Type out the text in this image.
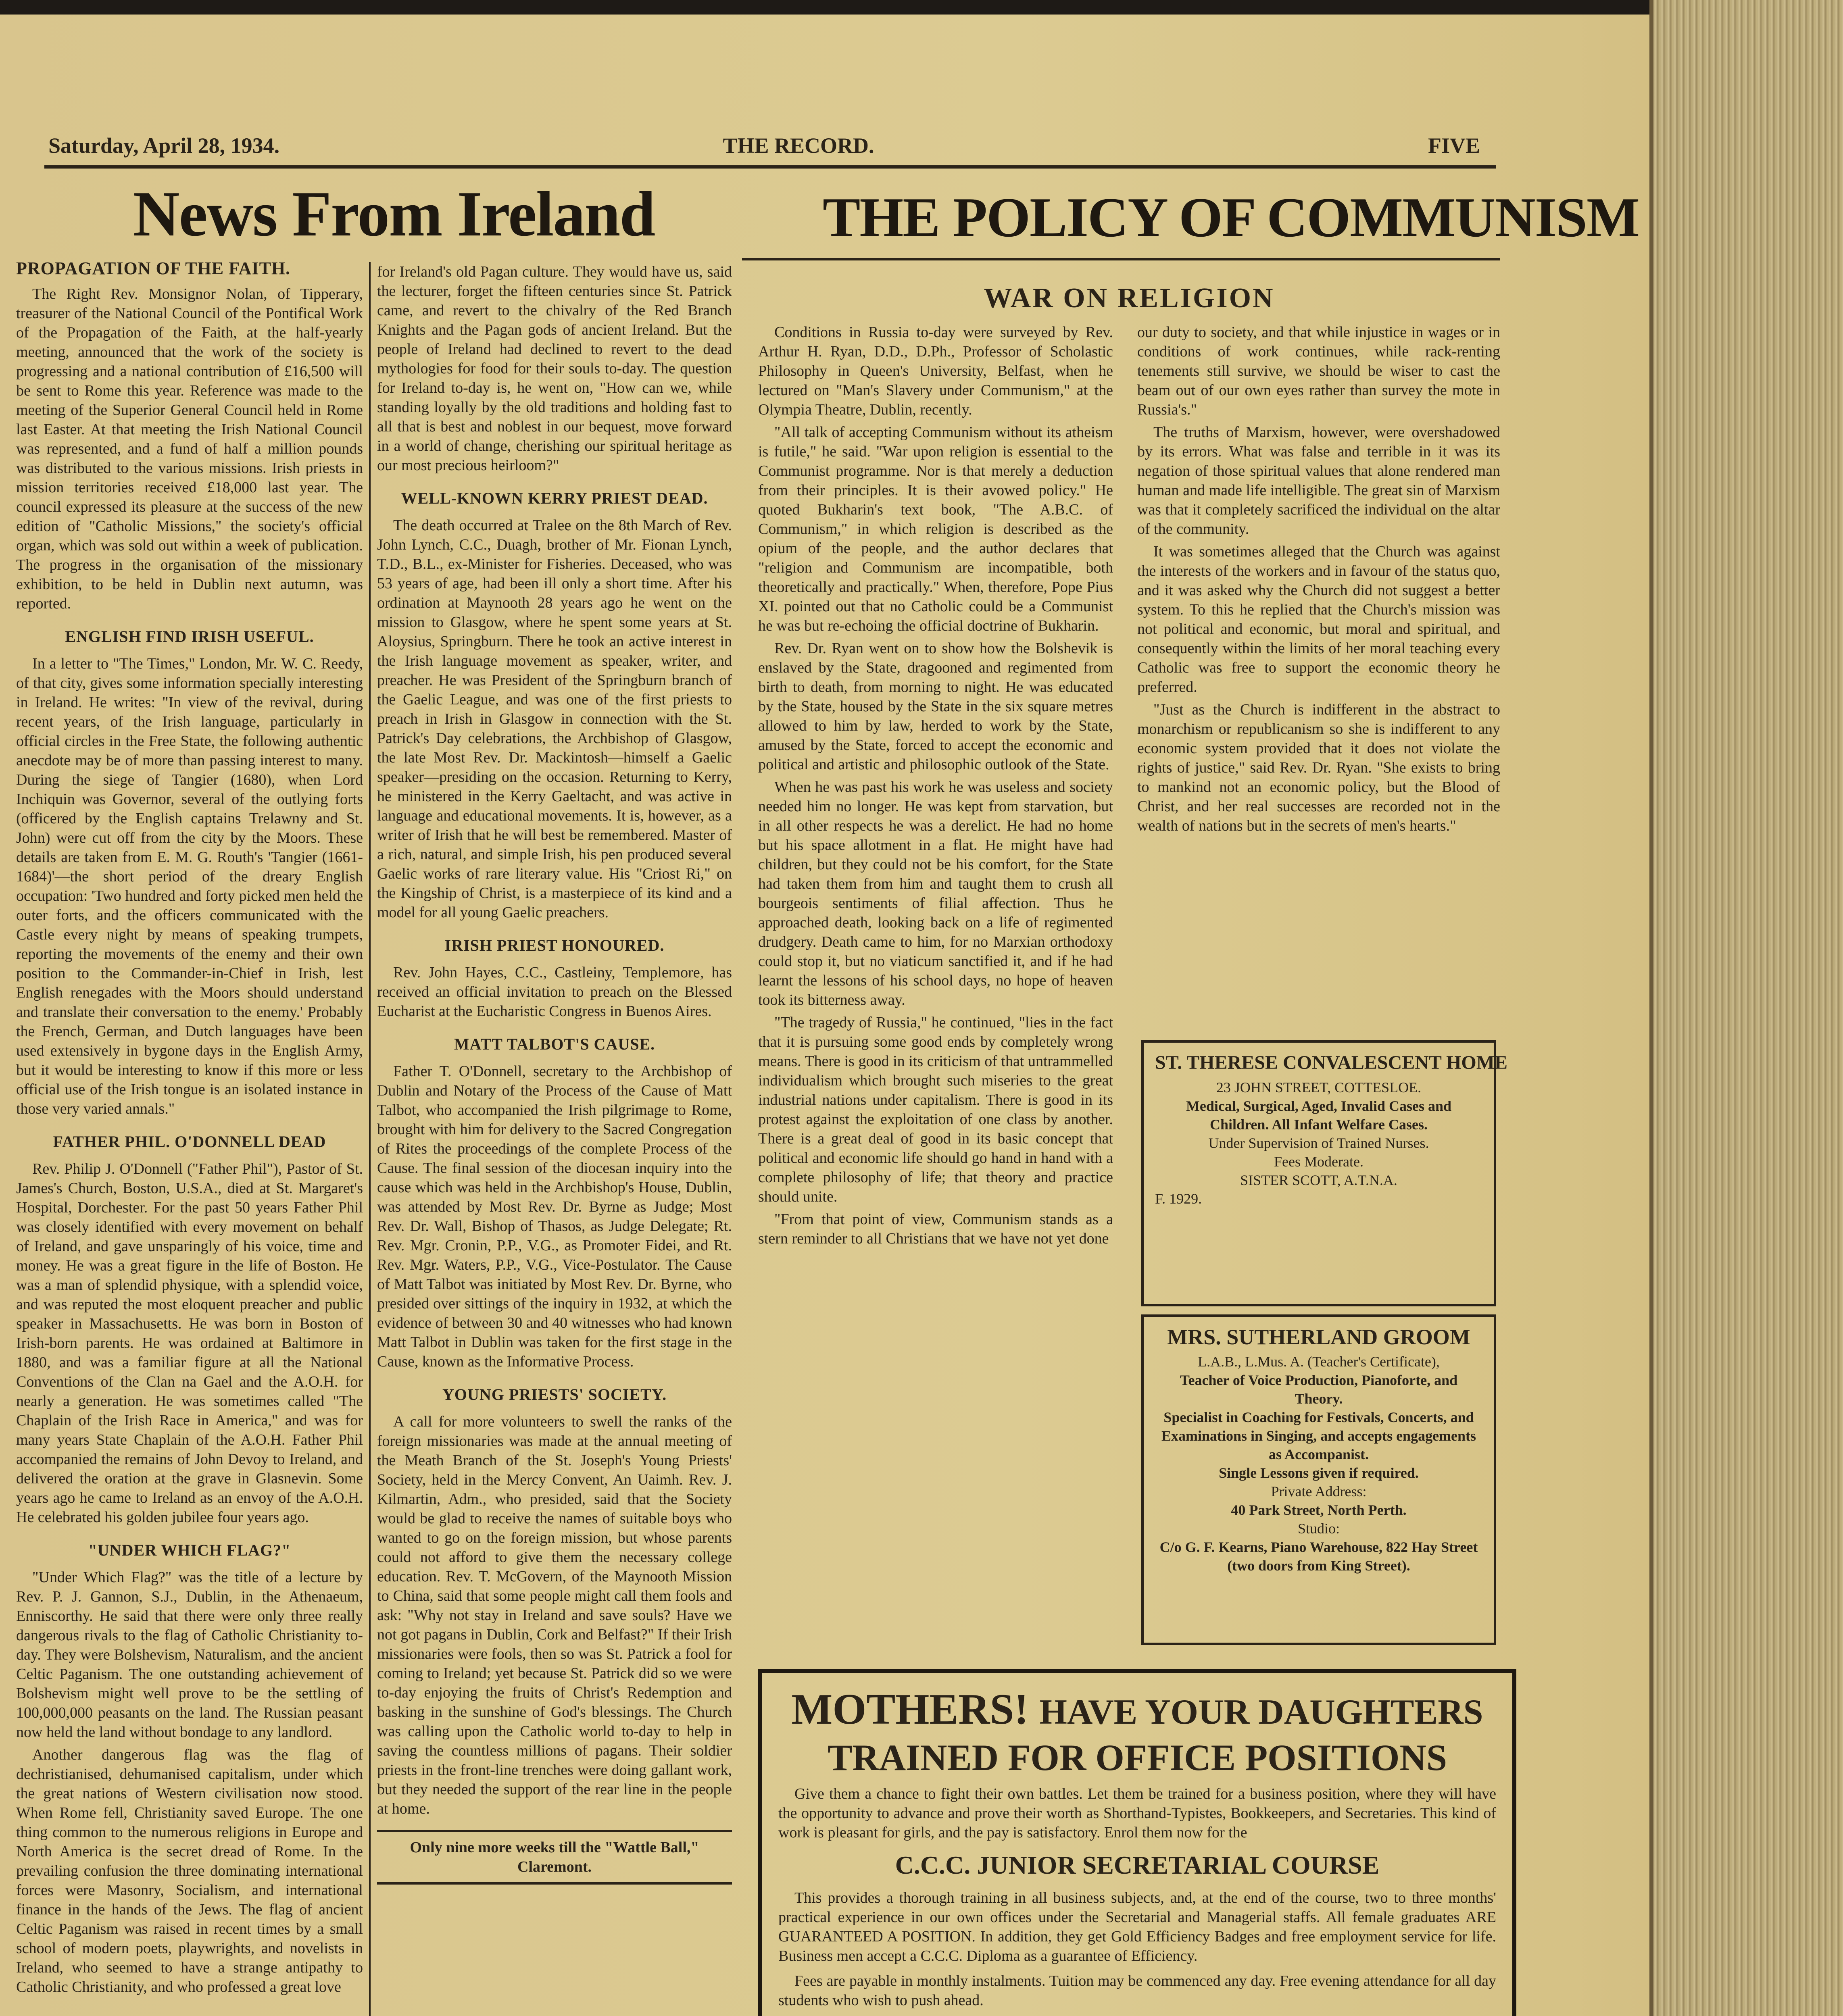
Saturday, April 28, 1934.	THE RECORD.	FIVE
News From Ireland	THE POLICY OF COMMUNISM
PROPAGATION OF THE FAITH.

The Right Rev. Monsignor Nolan, of Tipperary, treasurer of the National Council of the Pontifical Work of the Propagation of the Faith, at the half-yearly meeting, announced that the work of the society is progressing and a national contribution of £16,500 will be sent to Rome this year. Reference was made to the meeting of the Superior General Council held in Rome last Easter. At that meeting the Irish National Council was represented, and a fund of half a million pounds was distributed to the various missions. Irish priests in mission territories received £18,000 last year. The council expressed its pleasure at the success of the new edition of "Catholic Missions," the society's official organ, which was sold out within a week of publication. The progress in the organisation of the missionary exhibition, to be held in Dublin next autumn, was reported.

ENGLISH FIND IRISH USEFUL.

In a letter to "The Times," London, Mr. W. C. Reedy, of that city, gives some information specially interesting in Ireland. He writes: "In view of the revival, during recent years, of the Irish language, particularly in official circles in the Free State, the following authentic anecdote may be of more than passing interest to many. During the siege of Tangier (1680), when Lord Inchiquin was Governor, several of the outlying forts (officered by the English captains Trelawny and St. John) were cut off from the city by the Moors. These details are taken from E. M. G. Routh's 'Tangier (1661-1684)'—the short period of the dreary English occupation: 'Two hundred and forty picked men held the outer forts, and the officers communicated with the Castle every night by means of speaking trumpets, reporting the movements of the enemy and their own position to the Commander-in-Chief in Irish, lest English renegades with the Moors should understand and translate their conversation to the enemy.' Probably the French, German, and Dutch languages have been used extensively in bygone days in the English Army, but it would be interesting to know if this more or less official use of the Irish tongue is an isolated instance in those very varied annals."

FATHER PHIL. O'DONNELL DEAD

Rev. Philip J. O'Donnell ("Father Phil"), Pastor of St. James's Church, Boston, U.S.A., died at St. Margaret's Hospital, Dorchester. For the past 50 years Father Phil was closely identified with every movement on behalf of Ireland, and gave unsparingly of his voice, time and money. He was a great figure in the life of Boston. He was a man of splendid physique, with a splendid voice, and was reputed the most eloquent preacher and public speaker in Massachusetts. He was born in Boston of Irish-born parents. He was ordained at Baltimore in 1880, and was a familiar figure at all the National Conventions of the Clan na Gael and the A.O.H. for nearly a generation. He was sometimes called "The Chaplain of the Irish Race in America," and was for many years State Chaplain of the A.O.H. Father Phil accompanied the remains of John Devoy to Ireland, and delivered the oration at the grave in Glasnevin. Some years ago he came to Ireland as an envoy of the A.O.H. He celebrated his golden jubilee four years ago.

"UNDER WHICH FLAG?"

"Under Which Flag?" was the title of a lecture by Rev. P. J. Gannon, S.J., Dublin, in the Athenaeum, Enniscorthy. He said that there were only three really dangerous rivals to the flag of Catholic Christianity to-day. They were Bolshevism, Naturalism, and the ancient Celtic Paganism. The one outstanding achievement of Bolshevism might well prove to be the settling of 100,000,000 peasants on the land. The Russian peasant now held the land without bondage to any landlord.

Another dangerous flag was the flag of dechristianised, dehumanised capitalism, under which the great nations of Western civilisation now stood. When Rome fell, Christianity saved Europe. The one thing common to the numerous religions in Europe and North America is the secret dread of Rome. In the prevailing confusion the three dominating international forces were Masonry, Socialism, and international finance in the hands of the Jews. The flag of ancient Celtic Paganism was raised in recent times by a small school of modern poets, playwrights, and novelists in Ireland, who seemed to have a strange antipathy to Catholic Christianity, and who professed a great love

for Ireland's old Pagan culture. They would have us, said the lecturer, forget the fifteen centuries since St. Patrick came, and revert to the chivalry of the Red Branch Knights and the Pagan gods of ancient Ireland. But the people of Ireland had declined to revert to the dead mythologies for food for their souls to-day. The question for Ireland to-day is, he went on, "How can we, while standing loyally by the old traditions and holding fast to all that is best and noblest in our bequest, move forward in a world of change, cherishing our spiritual heritage as our most precious heirloom?"

WELL-KNOWN KERRY PRIEST DEAD.

The death occurred at Tralee on the 8th March of Rev. John Lynch, C.C., Duagh, brother of Mr. Fionan Lynch, T.D., B.L., ex-Minister for Fisheries. Deceased, who was 53 years of age, had been ill only a short time. After his ordination at Maynooth 28 years ago he went on the mission to Glasgow, where he spent some years at St. Aloysius, Springburn. There he took an active interest in the Irish language movement as speaker, writer, and preacher. He was President of the Springburn branch of the Gaelic League, and was one of the first priests to preach in Irish in Glasgow in connection with the St. Patrick's Day celebrations, the Archbishop of Glasgow, the late Most Rev. Dr. Mackintosh—himself a Gaelic speaker—presiding on the occasion. Returning to Kerry, he ministered in the Kerry Gaeltacht, and was active in language and educational movements. It is, however, as a writer of Irish that he will best be remembered. Master of a rich, natural, and simple Irish, his pen produced several Gaelic works of rare literary value. His "Criost Ri," on the Kingship of Christ, is a masterpiece of its kind and a model for all young Gaelic preachers.

IRISH PRIEST HONOURED.

Rev. John Hayes, C.C., Castleiny, Templemore, has received an official invitation to preach on the Blessed Eucharist at the Eucharistic Congress in Buenos Aires.

MATT TALBOT'S CAUSE.

Father T. O'Donnell, secretary to the Archbishop of Dublin and Notary of the Process of the Cause of Matt Talbot, who accompanied the Irish pilgrimage to Rome, brought with him for delivery to the Sacred Congregation of Rites the proceedings of the complete Process of the Cause. The final session of the diocesan inquiry into the cause which was held in the Archbishop's House, Dublin, was attended by Most Rev. Dr. Byrne as Judge; Most Rev. Dr. Wall, Bishop of Thasos, as Judge Delegate; Rt. Rev. Mgr. Cronin, P.P., V.G., as Promoter Fidei, and Rt. Rev. Mgr. Waters, P.P., V.G., Vice-Postulator. The Cause of Matt Talbot was initiated by Most Rev. Dr. Byrne, who presided over sittings of the inquiry in 1932, at which the evidence of between 30 and 40 witnesses who had known Matt Talbot in Dublin was taken for the first stage in the Cause, known as the Informative Process.

YOUNG PRIESTS' SOCIETY.

A call for more volunteers to swell the ranks of the foreign missionaries was made at the annual meeting of the Meath Branch of the St. Joseph's Young Priests' Society, held in the Mercy Convent, An Uaimh. Rev. J. Kilmartin, Adm., who presided, said that the Society would be glad to receive the names of suitable boys who wanted to go on the foreign mission, but whose parents could not afford to give them the necessary college education. Rev. T. McGovern, of the Maynooth Mission to China, said that some people might call them fools and ask: "Why not stay in Ireland and save souls? Have we not got pagans in Dublin, Cork and Belfast?" If their Irish missionaries were fools, then so was St. Patrick a fool for coming to Ireland; yet because St. Patrick did so we were to-day enjoying the fruits of Christ's Redemption and basking in the sunshine of God's blessings. The Church was calling upon the Catholic world to-day to help in saving the countless millions of pagans. Their soldier priests in the front-line trenches were doing gallant work, but they needed the support of the rear line in the people at home.

Only nine more weeks till the "Wattle Ball," Claremont.
WAR ON RELIGION

Conditions in Russia to-day were surveyed by Rev. Arthur H. Ryan, D.D., D.Ph., Professor of Scholastic Philosophy in Queen's University, Belfast, when he lectured on "Man's Slavery under Communism," at the Olympia Theatre, Dublin, recently.

"All talk of accepting Communism without its atheism is futile," he said. "War upon religion is essential to the Communist programme. Nor is that merely a deduction from their principles. It is their avowed policy." He quoted Bukharin's text book, "The A.B.C. of Communism," in which religion is described as the opium of the people, and the author declares that "religion and Communism are incompatible, both theoretically and practically." When, therefore, Pope Pius XI. pointed out that no Catholic could be a Communist he was but re-echoing the official doctrine of Bukharin.

Rev. Dr. Ryan went on to show how the Bolshevik is enslaved by the State, dragooned and regimented from birth to death, from morning to night. He was educated by the State, housed by the State in the six square metres allowed to him by law, herded to work by the State, amused by the State, forced to accept the economic and political and artistic and philosophic outlook of the State.

When he was past his work he was useless and society needed him no longer. He was kept from starvation, but in all other respects he was a derelict. He had no home but his space allotment in a flat. He might have had children, but they could not be his comfort, for the State had taken them from him and taught them to crush all bourgeois sentiments of filial affection. Thus he approached death, looking back on a life of regimented drudgery. Death came to him, for no Marxian orthodoxy could stop it, but no viaticum sanctified it, and if he had learnt the lessons of his school days, no hope of heaven took its bitterness away.

"The tragedy of Russia," he continued, "lies in the fact that it is pursuing some good ends by completely wrong means. There is good in its criticism of that untrammelled individualism which brought such miseries to the great industrial nations under capitalism. There is good in its protest against the exploitation of one class by another. There is a great deal of good in its basic concept that political and economic life should go hand in hand with a complete philosophy of life; that theory and practice should unite.

"From that point of view, Communism stands as a stern reminder to all Christians that we have not yet done

our duty to society, and that while injustice in wages or in conditions of work continues, while rack-renting tenements still survive, we should be wiser to cast the beam out of our own eyes rather than survey the mote in Russia's."

The truths of Marxism, however, were overshadowed by its errors. What was false and terrible in it was its negation of those spiritual values that alone rendered man human and made life intelligible. The great sin of Marxism was that it completely sacrificed the individual on the altar of the community.

It was sometimes alleged that the Church was against the interests of the workers and in favour of the status quo, and it was asked why the Church did not suggest a better system. To this he replied that the Church's mission was not political and economic, but moral and spiritual, and consequently within the limits of her moral teaching every Catholic was free to support the economic theory he preferred.

"Just as the Church is indifferent in the abstract to monarchism or republicanism so she is indifferent to any economic system provided that it does not violate the rights of justice," said Rev. Dr. Ryan. "She exists to bring to mankind not an economic policy, but the Blood of Christ, and her real successes are recorded not in the wealth of nations but in the secrets of men's hearts."

ST. THERESE CONVALESCENT HOME
23 JOHN STREET, COTTESLOE.
Medical, Surgical, Aged, Invalid Cases and Children. All Infant Welfare Cases.
Under Supervision of Trained Nurses.
Fees Moderate.
SISTER SCOTT, A.T.N.A.
F. 1929.
MRS. SUTHERLAND GROOM
L.A.B., L.Mus. A. (Teacher's Certificate),
Teacher of Voice Production, Pianoforte, and Theory.
Specialist in Coaching for Festivals, Concerts, and Examinations in Singing, and accepts engagements as Accompanist.
Single Lessons given if required.
Private Address:
40 Park Street, North Perth.
Studio:
C/o G. F. Kearns, Piano Warehouse, 822 Hay Street (two doors from King Street).
MOTHERS! HAVE YOUR DAUGHTERS
TRAINED FOR OFFICE POSITIONS

Give them a chance to fight their own battles. Let them be trained for a business position, where they will have the opportunity to advance and prove their worth as Shorthand-Typistes, Bookkeepers, and Secretaries. This kind of work is pleasant for girls, and the pay is satisfactory. Enrol them now for the

C.C.C. JUNIOR SECRETARIAL COURSE

This provides a thorough training in all business subjects, and, at the end of the course, two to three months' practical experience in our own offices under the Secretarial and Managerial staffs. All female graduates ARE GUARANTEED A POSITION. In addition, they get Gold Efficiency Badges and free employment service for life. Business men accept a C.C.C. Diploma as a guarantee of Efficiency.

Fees are payable in monthly instalments. Tuition may be commenced any day. Free evening attendance for all day students who wish to push ahead.
